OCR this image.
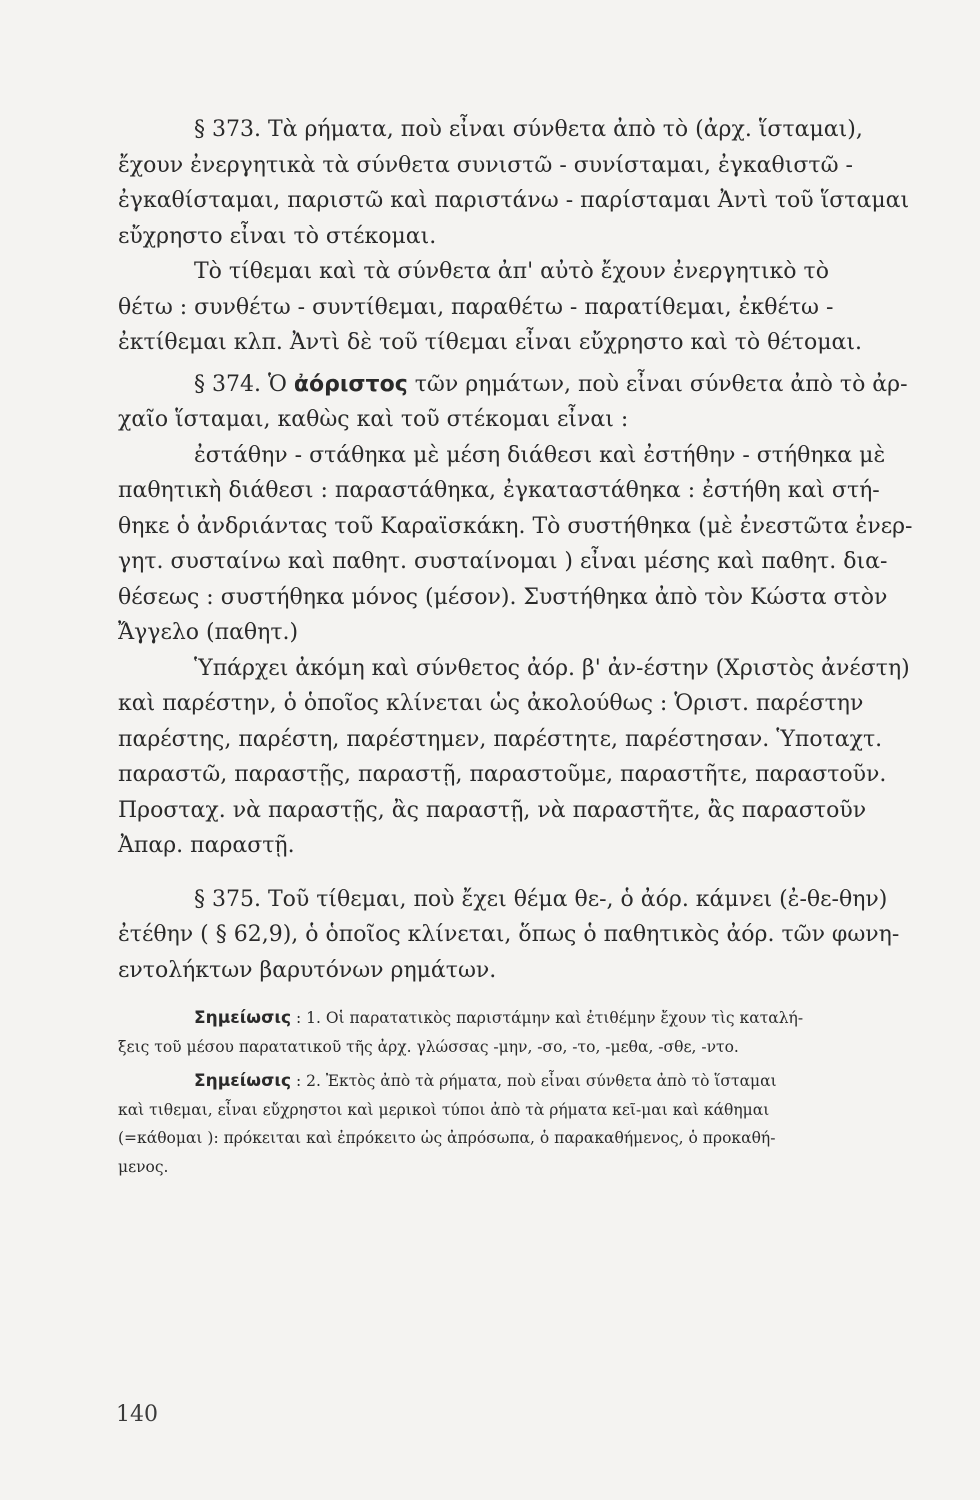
§ 373. Τὰ ρήματα, ποὺ εἶναι σύνθετα ἀπὸ τὸ (ἀρχ. ἵσταμαι),
ἔχουν ἐνεργητικὰ τὰ σύνθετα συνιστῶ - συνίσταμαι, ἐγκαθιστῶ -
ἐγκαθίσταμαι, παριστῶ καὶ παριστάνω - παρίσταμαι Ἀντὶ τοῦ ἵσταμαι
εὔχρηστο εἶναι τὸ στέκομαι.
Τὸ τίθεμαι καὶ τὰ σύνθετα ἀπ' αὐτὸ ἔχουν ἐνεργητικὸ τὸ
θέτω : συνθέτω - συντίθεμαι, παραθέτω - παρατίθεμαι, ἐκθέτω -
ἐκτίθεμαι κλπ. Ἀντὶ δὲ τοῦ τίθεμαι εἶναι εὔχρηστο καὶ τὸ θέτομαι.

§ 374. Ὁ ἀόριστος τῶν ρημάτων, ποὺ εἶναι σύνθετα ἀπὸ τὸ ἀρ-
χαῖο ἵσταμαι, καθὼς καὶ τοῦ στέκομαι εἶναι :
ἐστάθην - στάθηκα μὲ μέση διάθεσι καὶ ἐστήθην - στήθηκα μὲ
παθητικὴ διάθεσι : παραστάθηκα, ἐγκαταστάθηκα : ἐστήθη καὶ στή-
θηκε ὁ ἀνδριάντας τοῦ Καραϊσκάκη. Τὸ συστήθηκα (μὲ ἐνεστῶτα ἐνερ-
γητ. συσταίνω καὶ παθητ. συσταίνομαι ) εἶναι μέσης καὶ παθητ. δια-
θέσεως : συστήθηκα μόνος (μέσον). Συστήθηκα ἀπὸ τὸν Κώστα στὸν
Ἄγγελο (παθητ.)
Ὑπάρχει ἀκόμη καὶ σύνθετος ἀόρ. β' ἀν-έστην (Χριστὸς ἀνέστη)
καὶ παρέστην, ὁ ὁποῖος κλίνεται ὡς ἀκολούθως : Ὁριστ. παρέστην
παρέστης, παρέστη, παρέστημεν, παρέστητε, παρέστησαν. Ὑποταχτ.
παραστῶ, παραστῇς, παραστῇ, παραστοῦμε, παραστῆτε, παραστοῦν.
Προσταχ. νὰ παραστῇς, ἂς παραστῇ, νὰ παραστῆτε, ἂς παραστοῦν
Ἀπαρ. παραστῇ.

§ 375. Τοῦ τίθεμαι, ποὺ ἔχει θέμα θε-, ὁ ἀόρ. κάμνει (ἐ-θε-θην)
ἐτέθην ( § 62,9), ὁ ὁποῖος κλίνεται, ὅπως ὁ παθητικὸς ἀόρ. τῶν φωνη-
εντολήκτων βαρυτόνων ρημάτων.

Σημείωσις : 1. Οἱ παρατατικὸς παριστάμην καὶ ἐτιθέμην ἔχουν τὶς καταλή-
ξεις τοῦ μέσου παρατατικοῦ τῆς ἀρχ. γλώσσας -μην, -σο, -το, -μεθα, -σθε, -ντο.
Σημείωσις : 2. Ἐκτὸς ἀπὸ τὰ ρήματα, ποὺ εἶναι σύνθετα ἀπὸ τὸ ἵσταμαι
καὶ τιθεμαι, εἶναι εὔχρηστοι καὶ μερικοὶ τύποι ἀπὸ τὰ ρήματα κεῖ-μαι καὶ κάθημαι
(=κάθομαι ): πρόκειται καὶ ἐπρόκειτο ὡς ἀπρόσωπα, ὁ παρακαθήμενος, ὁ προκαθή-
μενος.
140
